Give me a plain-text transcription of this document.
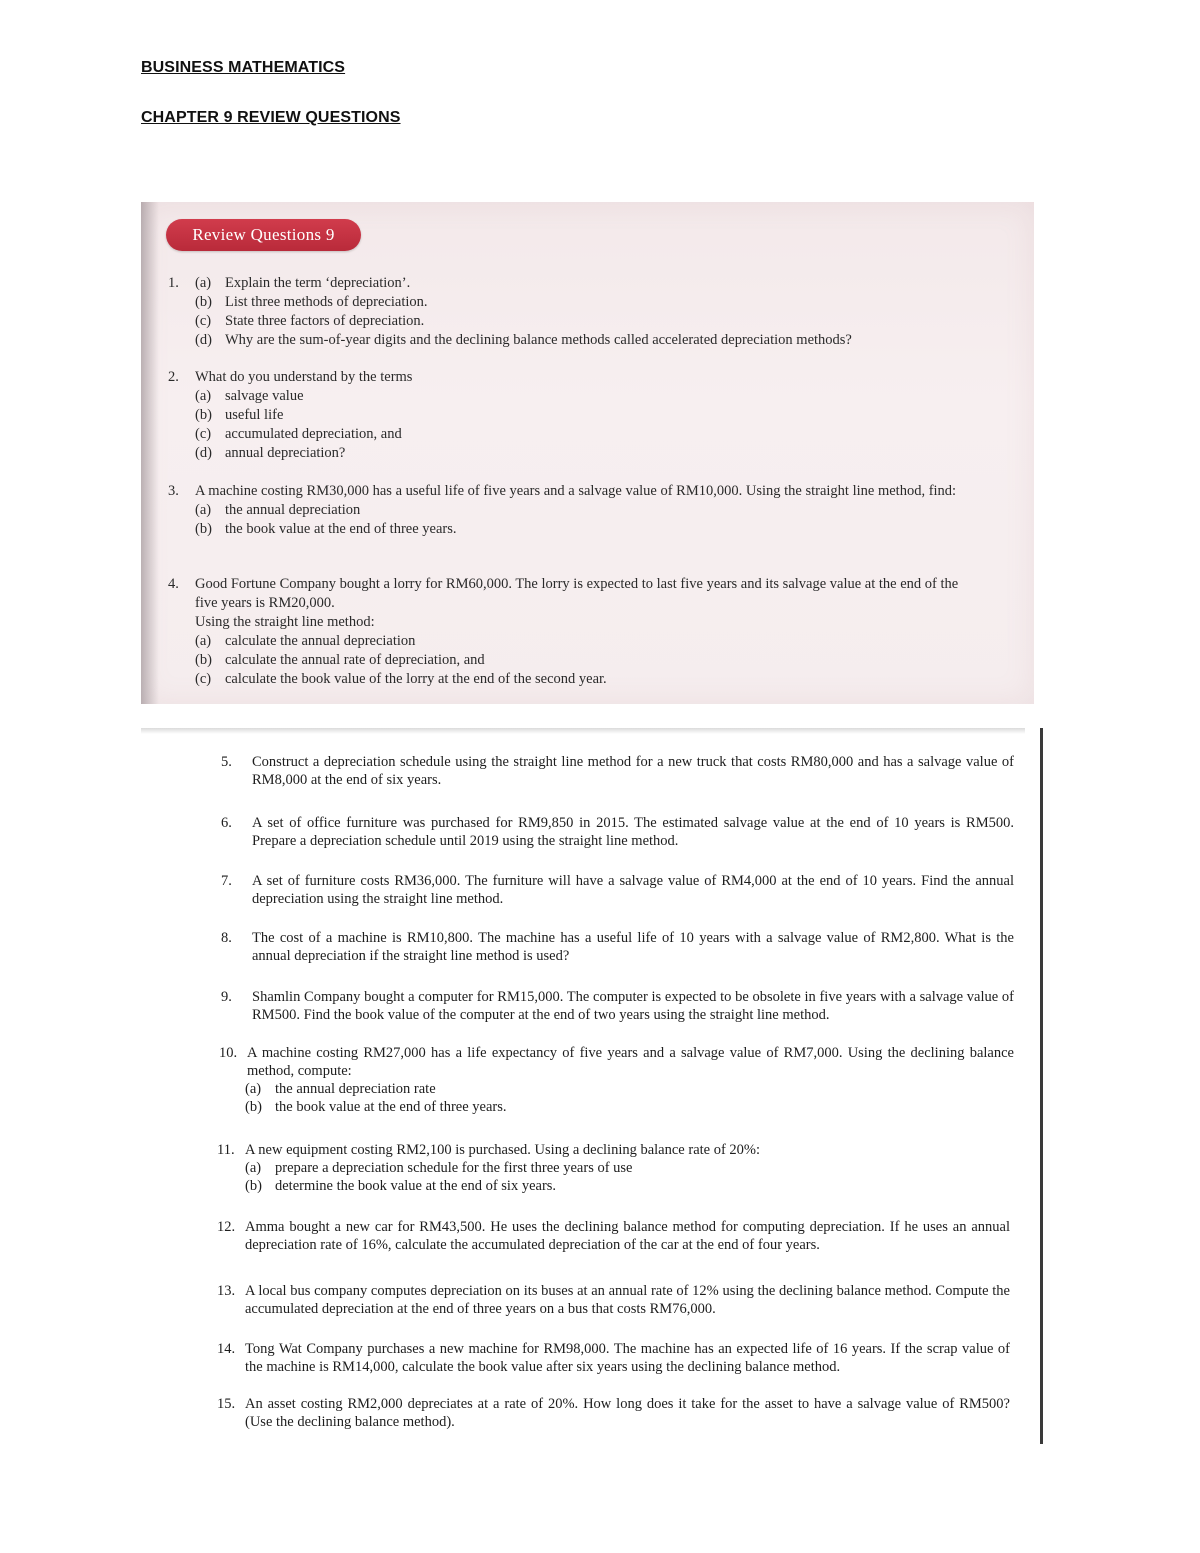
BUSINESS MATHEMATICS
CHAPTER 9 REVIEW QUESTIONS
Review Questions 9
1. (a) Explain the term ‘depreciation’.
(b) List three methods of depreciation.
(c) State three factors of depreciation.
(d) Why are the sum-of-year digits and the declining balance methods called accelerated depreciation methods?
2. What do you understand by the terms
(a) salvage value
(b) useful life
(c) accumulated depreciation, and
(d) annual depreciation?
3. A machine costing RM30,000 has a useful life of five years and a salvage value of RM10,000. Using the straight line method, find:
(a) the annual depreciation
(b) the book value at the end of three years.
4. Good Fortune Company bought a lorry for RM60,000. The lorry is expected to last five years and its salvage value at the end of the five years is RM20,000.
Using the straight line method:
(a) calculate the annual depreciation
(b) calculate the annual rate of depreciation, and
(c) calculate the book value of the lorry at the end of the second year.
5. Construct a depreciation schedule using the straight line method for a new truck that costs RM80,000 and has a salvage value of RM8,000 at the end of six years.
6. A set of office furniture was purchased for RM9,850 in 2015. The estimated salvage value at the end of 10 years is RM500. Prepare a depreciation schedule until 2019 using the straight line method.
7. A set of furniture costs RM36,000. The furniture will have a salvage value of RM4,000 at the end of 10 years. Find the annual depreciation using the straight line method.
8. The cost of a machine is RM10,800. The machine has a useful life of 10 years with a salvage value of RM2,800. What is the annual depreciation if the straight line method is used?
9. Shamlin Company bought a computer for RM15,000. The computer is expected to be obsolete in five years with a salvage value of RM500. Find the book value of the computer at the end of two years using the straight line method.
10. A machine costing RM27,000 has a life expectancy of five years and a salvage value of RM7,000. Using the declining balance method, compute:
(a) the annual depreciation rate
(b) the book value at the end of three years.
11. A new equipment costing RM2,100 is purchased. Using a declining balance rate of 20%:
(a) prepare a depreciation schedule for the first three years of use
(b) determine the book value at the end of six years.
12. Amma bought a new car for RM43,500. He uses the declining balance method for computing depreciation. If he uses an annual depreciation rate of 16%, calculate the accumulated depreciation of the car at the end of four years.
13. A local bus company computes depreciation on its buses at an annual rate of 12% using the declining balance method. Compute the accumulated depreciation at the end of three years on a bus that costs RM76,000.
14. Tong Wat Company purchases a new machine for RM98,000. The machine has an expected life of 16 years. If the scrap value of the machine is RM14,000, calculate the book value after six years using the declining balance method.
15. An asset costing RM2,000 depreciates at a rate of 20%. How long does it take for the asset to have a salvage value of RM500? (Use the declining balance method).
